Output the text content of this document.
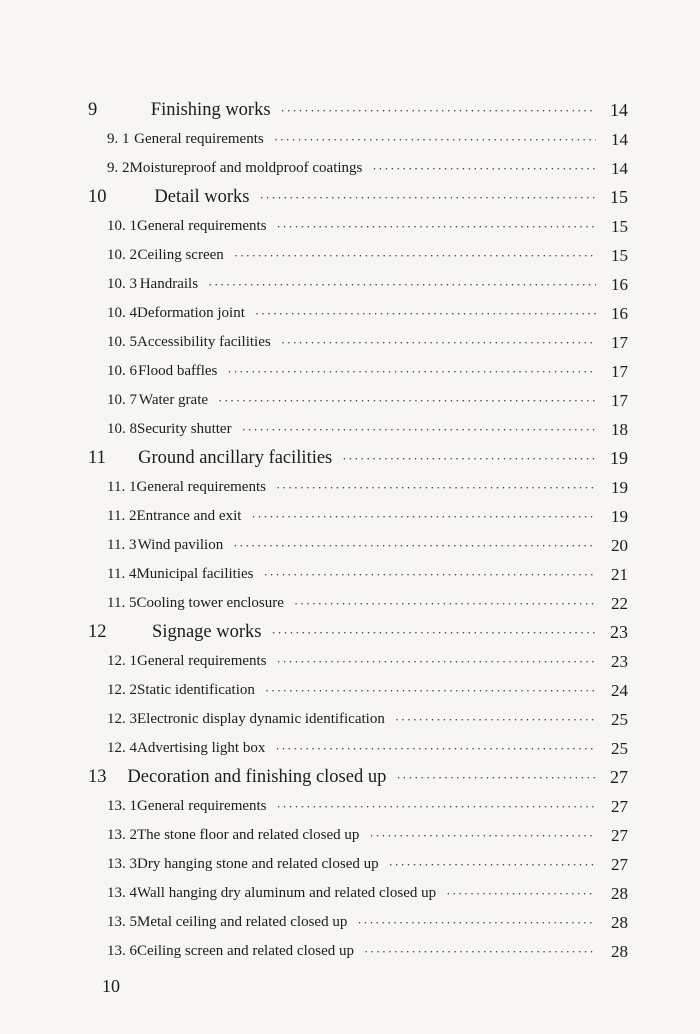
9	Finishing works ·····	14
9. 1 General requirements ·····	14
9. 2 Moistureproof and moldproof coatings ·····	14
10	Detail works ·····	15
10. 1 General requirements ·····	15
10. 2 Ceiling screen ·····	15
10. 3 Handrails ·····	16
10. 4 Deformation joint ·····	16
10. 5 Accessibility facilities ·····	17
10. 6 Flood baffles ·····	17
10. 7 Water grate ·····	17
10. 8 Security shutter ·····	18
11	Ground ancillary facilities ·····	19
11. 1 General requirements ·····	19
11. 2 Entrance and exit ·····	19
11. 3 Wind pavilion ·····	20
11. 4 Municipal facilities ·····	21
11. 5 Cooling tower enclosure ·····	22
12	Signage works ·····	23
12. 1 General requirements ·····	23
12. 2 Static identification ·····	24
12. 3 Electronic display dynamic identification ·····	25
12. 4 Advertising light box ·····	25
13	Decoration and finishing closed up ·····	27
13. 1 General requirements ·····	27
13. 2 The stone floor and related closed up ·····	27
13. 3 Dry hanging stone and related closed up ·····	27
13. 4 Wall hanging dry aluminum and related closed up ·····	28
13. 5 Metal ceiling and related closed up ·····	28
13. 6 Ceiling screen and related closed up ·····	28
10
